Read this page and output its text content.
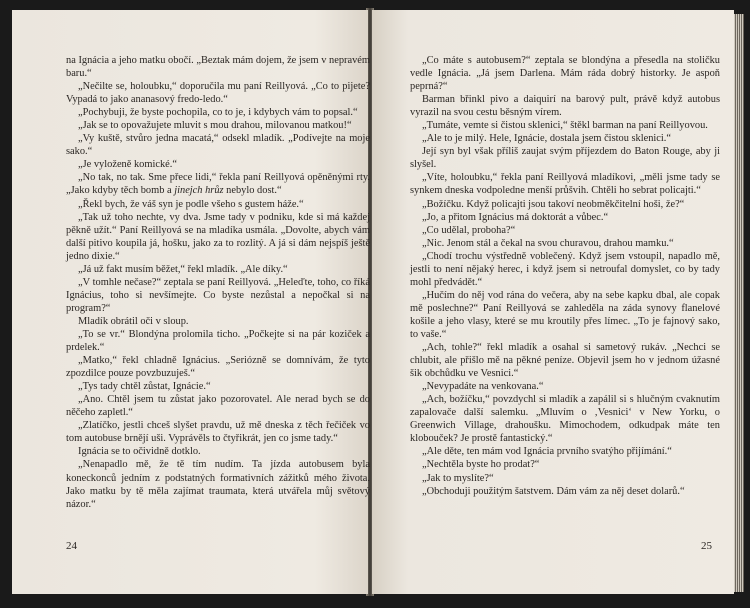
na Ignácia a jeho matku obočí. „Beztak mám dojem, že jsem v nepravém baru.“

„Nečilte se, holoubku,“ doporučila mu paní Reillyová. „Co to pijete? Vypadá to jako ananasový fredo-ledo.“

„Pochybuji, že byste pochopila, co to je, i kdybych vám to popsal.“

„Jak se to opovažujete mluvit s mou drahou, milovanou matkou!“

„Vy kuště, stvůro jedna macatá,“ odsekl mladík. „Podívejte na moje sako.“

„Je vyloženě komické.“

„No tak, no tak. Sme přece lidi,“ řekla paní Reillyová opěněnými rty. „Jako kdyby těch bomb a jinejch hrůz nebylo dost.“

„Řekl bych, že váš syn je podle všeho s gustem háže.“

„Tak už toho nechte, vy dva. Jsme tady v podniku, kde si má každej pěkně užít.“ Paní Reillyová se na mladíka usmála. „Dovolte, abych vám další pitivo koupila já, hošku, jako za to rozlitý. A já si dám nejspíš ještě jedno dixie.“

„Já už fakt musím běžet,“ řekl mladík. „Ale díky.“

„V tomhle nečase?“ zeptala se paní Reillyová. „Heleďte, toho, co říká Ignácius, toho si nevšímejte. Co byste nezůstal a nepočkal si na program?“

Mladík obrátil oči v sloup.

„To se vr.“ Blondýna prolomila ticho. „Počkejte si na pár koziček a prdelek.“

„Matko,“ řekl chladně Ignácius. „Seriózně se domnívám, že tyto zpozdilce pouze povzbuzuješ.“

„Tys tady chtěl zůstat, Ignácie.“

„Ano. Chtěl jsem tu zůstat jako pozorovatel. Ale nerad bych se do něčeho zapletl.“

„Zlatíčko, jestli chceš slyšet pravdu, už mě dneska z těch řečiček vo tom autobuse brnějí uši. Vyprávěls to čtyřikrát, jen co jsme tady.“

Ignácia se to očividně dotklo.

„Nenapadlo mě, že tě tím nudím. Ta jízda autobusem byla koneckonců jedním z podstatných formativních zážitků mého života. Jako matku by tě měla zajímat traumata, která utvářela můj světový názor.“

24

„Co máte s autobusem?“ zeptala se blondýna a přesedla na stoličku vedle Ignácia. „Já jsem Darlena. Mám ráda dobrý historky. Je aspoň peprná?“

Barman břinkl pivo a daiquirí na barový pult, právě když autobus vyrazil na svou cestu běsným vírem.

„Tumáte, vemte si čistou sklenici,“ štěkl barman na paní Reillyovou.

„Ale to je milý. Hele, Ignácie, dostala jsem čistou sklenici.“

Její syn byl však příliš zaujat svým příjezdem do Baton Rouge, aby ji slyšel.

„Víte, holoubku,“ řekla paní Reillyová mladíkovi, „měli jsme tady se synkem dneska vodpoledne menší průšvih. Chtěli ho sebrat policajti.“

„Božíčku. Když policajti jsou takoví neobměkčitelní hoši, že?“

„Jo, a přitom Ignácius má doktorát a vůbec.“

„Co udělal, proboha?“

„Nic. Jenom stál a čekal na svou churavou, drahou mamku.“

„Chodí trochu výstředně voblečený. Když jsem vstoupil, napadlo mě, jestli to není nějaký herec, i když jsem si netroufal domyslet, co by tady mohl předvádět.“

„Hučím do něj vod rána do večera, aby na sebe kapku dbal, ale copak mě poslechne?“ Paní Reillyová se zahleděla na záda synovy flanelové košile a jeho vlasy, které se mu kroutily přes límec. „To je fajnový sako, to vaše.“

„Ach, tohle?“ řekl mladík a osahal si sametový rukáv. „Nechci se chlubit, ale přišlo mě na pěkné peníze. Objevil jsem ho v jednom úžasné šik obchůdku ve Vesnici.“

„Nevypadáte na venkovana.“

„Ach, božíčku,“ povzdychl si mladík a zapálil si s hlučným cvaknutím zapalovače další salemku. „Mluvím o ‚Vesnici‘ v New Yorku, o Greenwich Village, drahoušku. Mimochodem, odkudpak máte ten klobouček? Je prostě fantastický.“

„Ale děte, ten mám vod Ignácia prvního svatýho přijímání.“

„Nechtěla byste ho prodat?“

„Jak to myslíte?“

„Obchoduji použitým šatstvem. Dám vám za něj deset dolarů.“

25
